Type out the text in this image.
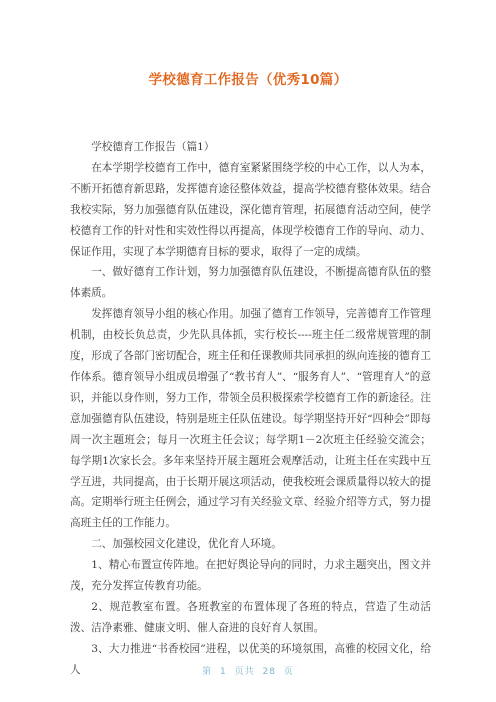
学校德育工作报告（优秀10篇）

学校德育工作报告（篇1）

在本学期学校德育工作中，德育室紧紧围绕学校的中心工作，以人为本，不断开拓德育新思路，发挥德育途径整体效益，提高学校德育整体效果。结合我校实际，努力加强德育队伍建设，深化德育管理，拓展德育活动空间，使学校德育工作的针对性和实效性得以再提高，体现学校德育工作的导向、动力、保证作用，实现了本学期德育目标的要求，取得了一定的成绩。

一、做好德育工作计划，努力加强德育队伍建设，不断提高德育队伍的整体素质。

发挥德育领导小组的核心作用。加强了德育工作领导，完善德育工作管理机制，由校长负总责，少先队具体抓，实行校长----班主任二级常规管理的制度，形成了各部门密切配合，班主任和任课教师共同承担的纵向连接的德育工作体系。德育领导小组成员增强了“教书育人”、“服务育人”、“管理育人”的意识，并能以身作则，努力工作，带领全员积极探索学校德育工作的新途径。注意加强德育队伍建设，特别是班主任队伍建设。每学期坚持开好“四种会”即每周一次主题班会；每月一次班主任会议；每学期1－2次班主任经验交流会；每学期1次家长会。多年来坚持开展主题班会观摩活动，让班主任在实践中互学互进，共同提高，由于长期开展这项活动，使我校班会课质量得以较大的提高。定期举行班主任例会，通过学习有关经验文章、经验介绍等方式，努力提高班主任的工作能力。

二、加强校园文化建设，优化育人环境。

1、精心布置宣传阵地。在把好舆论导向的同时，力求主题突出，图文并茂，充分发挥宣传教育功能。

2、规范教室布置。各班教室的布置体现了各班的特点，营造了生动活泼、洁净素雅、健康文明、催人奋进的良好育人氛围。

3、大力推进“书香校园”进程，以优美的环境氛围，高雅的校园文化，给人	第 1 页共 28 页
